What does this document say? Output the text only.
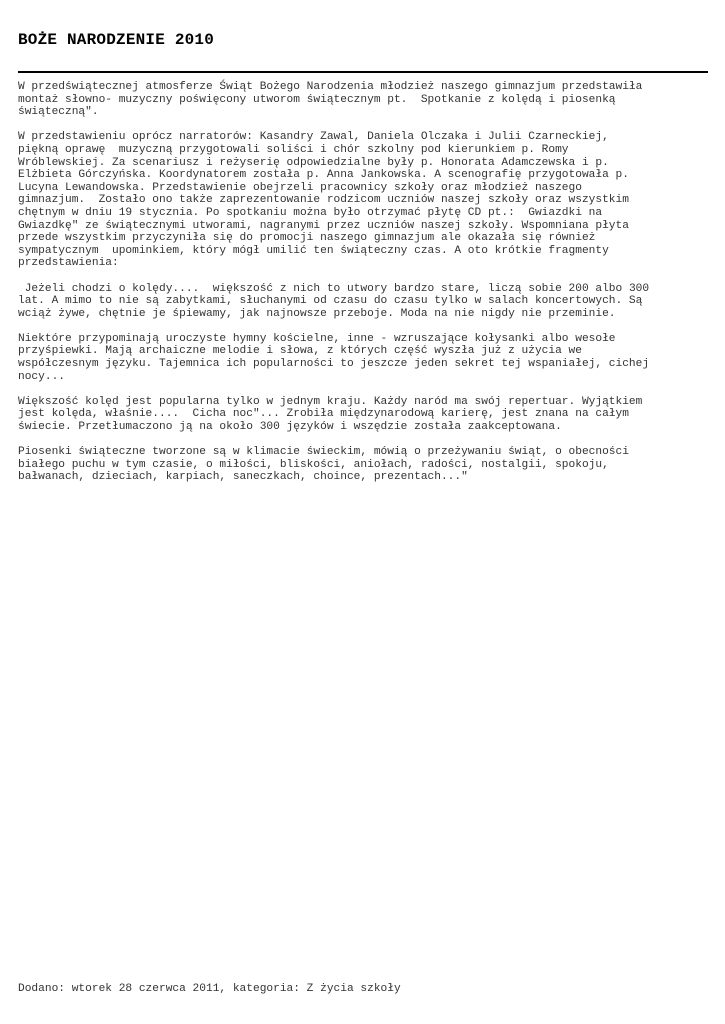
BOŻE NARODZENIE 2010

W przedświątecznej atmosferze Świąt Bożego Narodzenia młodzież naszego gimnazjum przedstawiła
montaż słowno- muzyczny poświęcony utworom świątecznym pt.  Spotkanie z kolędą i piosenką
świąteczną".

W przedstawieniu oprócz narratorów: Kasandry Zawal, Daniela Olczaka i Julii Czarneckiej,
piękną oprawę  muzyczną przygotowali soliści i chór szkolny pod kierunkiem p. Romy
Wróblewskiej. Za scenariusz i reżyserię odpowiedzialne były p. Honorata Adamczewska i p.
Elżbieta Górczyńska. Koordynatorem została p. Anna Jankowska. A scenografię przygotowała p.
Lucyna Lewandowska. Przedstawienie obejrzeli pracownicy szkoły oraz młodzież naszego
gimnazjum.  Zostało ono także zaprezentowanie rodzicom uczniów naszej szkoły oraz wszystkim
chętnym w dniu 19 stycznia. Po spotkaniu można było otrzymać płytę CD pt.:  Gwiazdki na
Gwiazdkę" ze świątecznymi utworami, nagranymi przez uczniów naszej szkoły. Wspomniana płyta
przede wszystkim przyczyniła się do promocji naszego gimnazjum ale okazała się również
sympatycznym  upominkiem, który mógł umilić ten świąteczny czas. A oto krótkie fragmenty
przedstawienia:

Jeżeli chodzi o kolędy....  większość z nich to utwory bardzo stare, liczą sobie 200 albo 300
lat. A mimo to nie są zabytkami, słuchanymi od czasu do czasu tylko w salach koncertowych. Są
wciąż żywe, chętnie je śpiewamy, jak najnowsze przeboje. Moda na nie nigdy nie przeminie.

Niektóre przypominają uroczyste hymny kościelne, inne - wzruszające kołysanki albo wesołe
przyśpiewki. Mają archaiczne melodie i słowa, z których część wyszła już z użycia we
współczesnym języku. Tajemnica ich popularności to jeszcze jeden sekret tej wspaniałej, cichej
nocy...

Większość kolęd jest popularna tylko w jednym kraju. Każdy naród ma swój repertuar. Wyjątkiem
jest kolęda, właśnie....  Cicha noc"... Zrobiła międzynarodową karierę, jest znana na całym
świecie. Przetłumaczono ją na około 300 języków i wszędzie została zaakceptowana.

Piosenki świąteczne tworzone są w klimacie świeckim, mówią o przeżywaniu świąt, o obecności
białego puchu w tym czasie, o miłości, bliskości, aniołach, radości, nostalgii, spokoju,
bałwanach, dzieciach, karpiach, saneczkach, choince, prezentach..."

Dodano: wtorek 28 czerwca 2011, kategoria: Z życia szkoły
